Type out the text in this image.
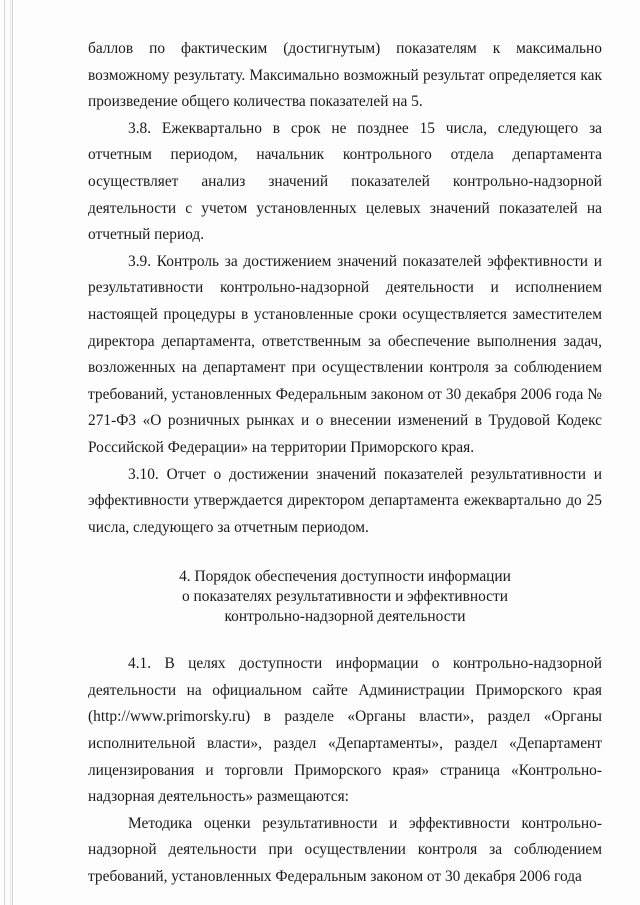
баллов по фактическим (достигнутым) показателям к максимально возможному результату. Максимально возможный результат определяется как произведение общего количества показателей на 5.

3.8. Ежеквартально в срок не позднее 15 числа, следующего за отчетным периодом, начальник контрольного отдела департамента осуществляет анализ значений показателей контрольно-надзорной деятельности с учетом установленных целевых значений показателей на отчетный период.

3.9. Контроль за достижением значений показателей эффективности и результативности контрольно-надзорной деятельности и исполнением настоящей процедуры в установленные сроки осуществляется заместителем директора департамента, ответственным за обеспечение выполнения задач, возложенных на департамент при осуществлении контроля за соблюдением требований, установленных Федеральным законом от 30 декабря 2006 года № 271-ФЗ «О розничных рынках и о внесении изменений в Трудовой Кодекс Российской Федерации» на территории Приморского края.

3.10. Отчет о достижении значений показателей результативности и эффективности утверждается директором департамента ежеквартально до 25 числа, следующего за отчетным периодом.

4. Порядок обеспечения доступности информации
о показателях результативности и эффективности
контрольно-надзорной деятельности

4.1. В целях доступности информации о контрольно-надзорной деятельности на официальном сайте Администрации Приморского края (http://www.primorsky.ru) в разделе «Органы власти», раздел «Органы исполнительной власти», раздел «Департаменты», раздел «Департамент лицензирования и торговли Приморского края» страница «Контрольно-надзорная деятельность» размещаются:

Методика оценки результативности и эффективности контрольно-надзорной деятельности при осуществлении контроля за соблюдением требований, установленных Федеральным законом от 30 декабря 2006 года
